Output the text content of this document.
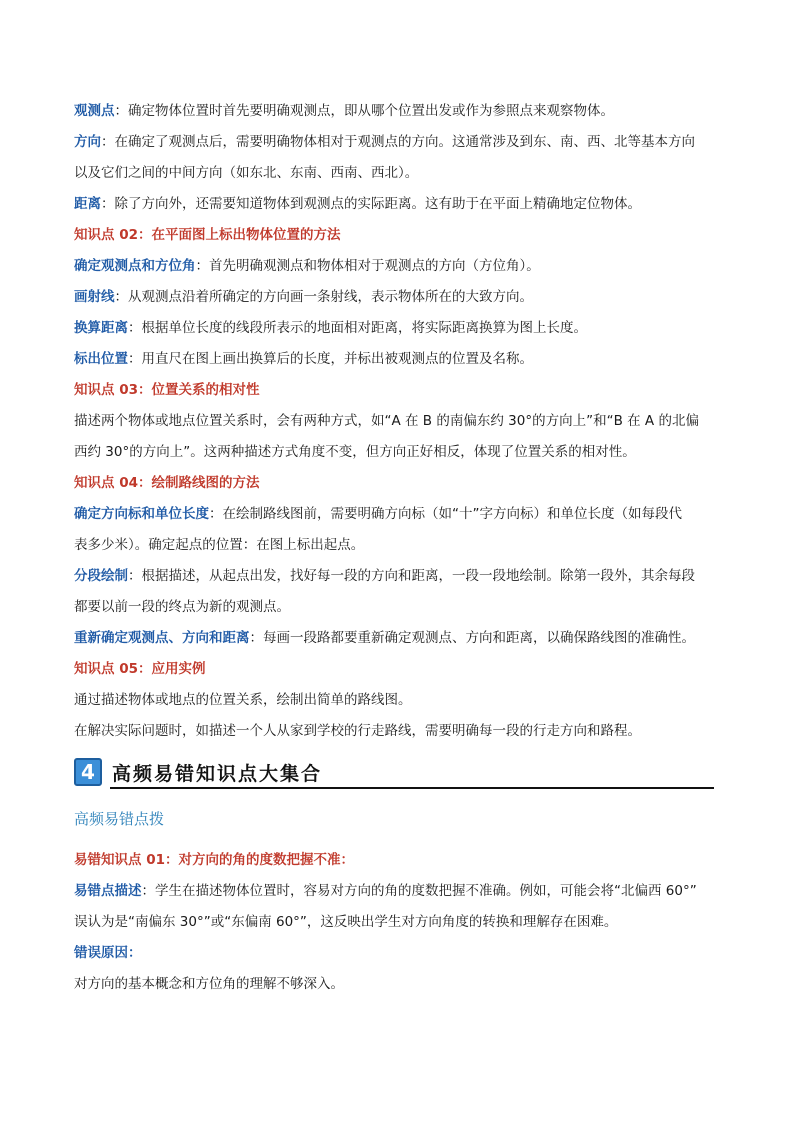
观测点：确定物体位置时首先要明确观测点，即从哪个位置出发或作为参照点来观察物体。

方向：在确定了观测点后，需要明确物体相对于观测点的方向。这通常涉及到东、南、西、北等基本方向

以及它们之间的中间方向（如东北、东南、西南、西北）。

距离：除了方向外，还需要知道物体到观测点的实际距离。这有助于在平面上精确地定位物体。

知识点 02：在平面图上标出物体位置的方法

确定观测点和方位角：首先明确观测点和物体相对于观测点的方向（方位角）。

画射线：从观测点沿着所确定的方向画一条射线，表示物体所在的大致方向。

换算距离：根据单位长度的线段所表示的地面相对距离，将实际距离换算为图上长度。

标出位置：用直尺在图上画出换算后的长度，并标出被观测点的位置及名称。

知识点 03：位置关系的相对性

描述两个物体或地点位置关系时，会有两种方式，如“A 在 B 的南偏东约 30°的方向上”和“B 在 A 的北偏

西约 30°的方向上”。这两种描述方式角度不变，但方向正好相反，体现了位置关系的相对性。

知识点 04：绘制路线图的方法

确定方向标和单位长度：在绘制路线图前，需要明确方向标（如“十”字方向标）和单位长度（如每段代

表多少米）。确定起点的位置：在图上标出起点。

分段绘制：根据描述，从起点出发，找好每一段的方向和距离，一段一段地绘制。除第一段外，其余每段

都要以前一段的终点为新的观测点。

重新确定观测点、方向和距离：每画一段路都要重新确定观测点、方向和距离，以确保路线图的准确性。

知识点 05：应用实例

通过描述物体或地点的位置关系，绘制出简单的路线图。

在解决实际问题时，如描述一个人从家到学校的行走路线，需要明确每一段的行走方向和路程。

4 高频易错知识点大集合

高频易错点拨

易错知识点 01：对方向的角的度数把握不准：

易错点描述：学生在描述物体位置时，容易对方向的角的度数把握不准确。例如，可能会将“北偏西 60°”

误认为是“南偏东 30°”或“东偏南 60°”，这反映出学生对方向角度的转换和理解存在困难。

错误原因：

对方向的基本概念和方位角的理解不够深入。
